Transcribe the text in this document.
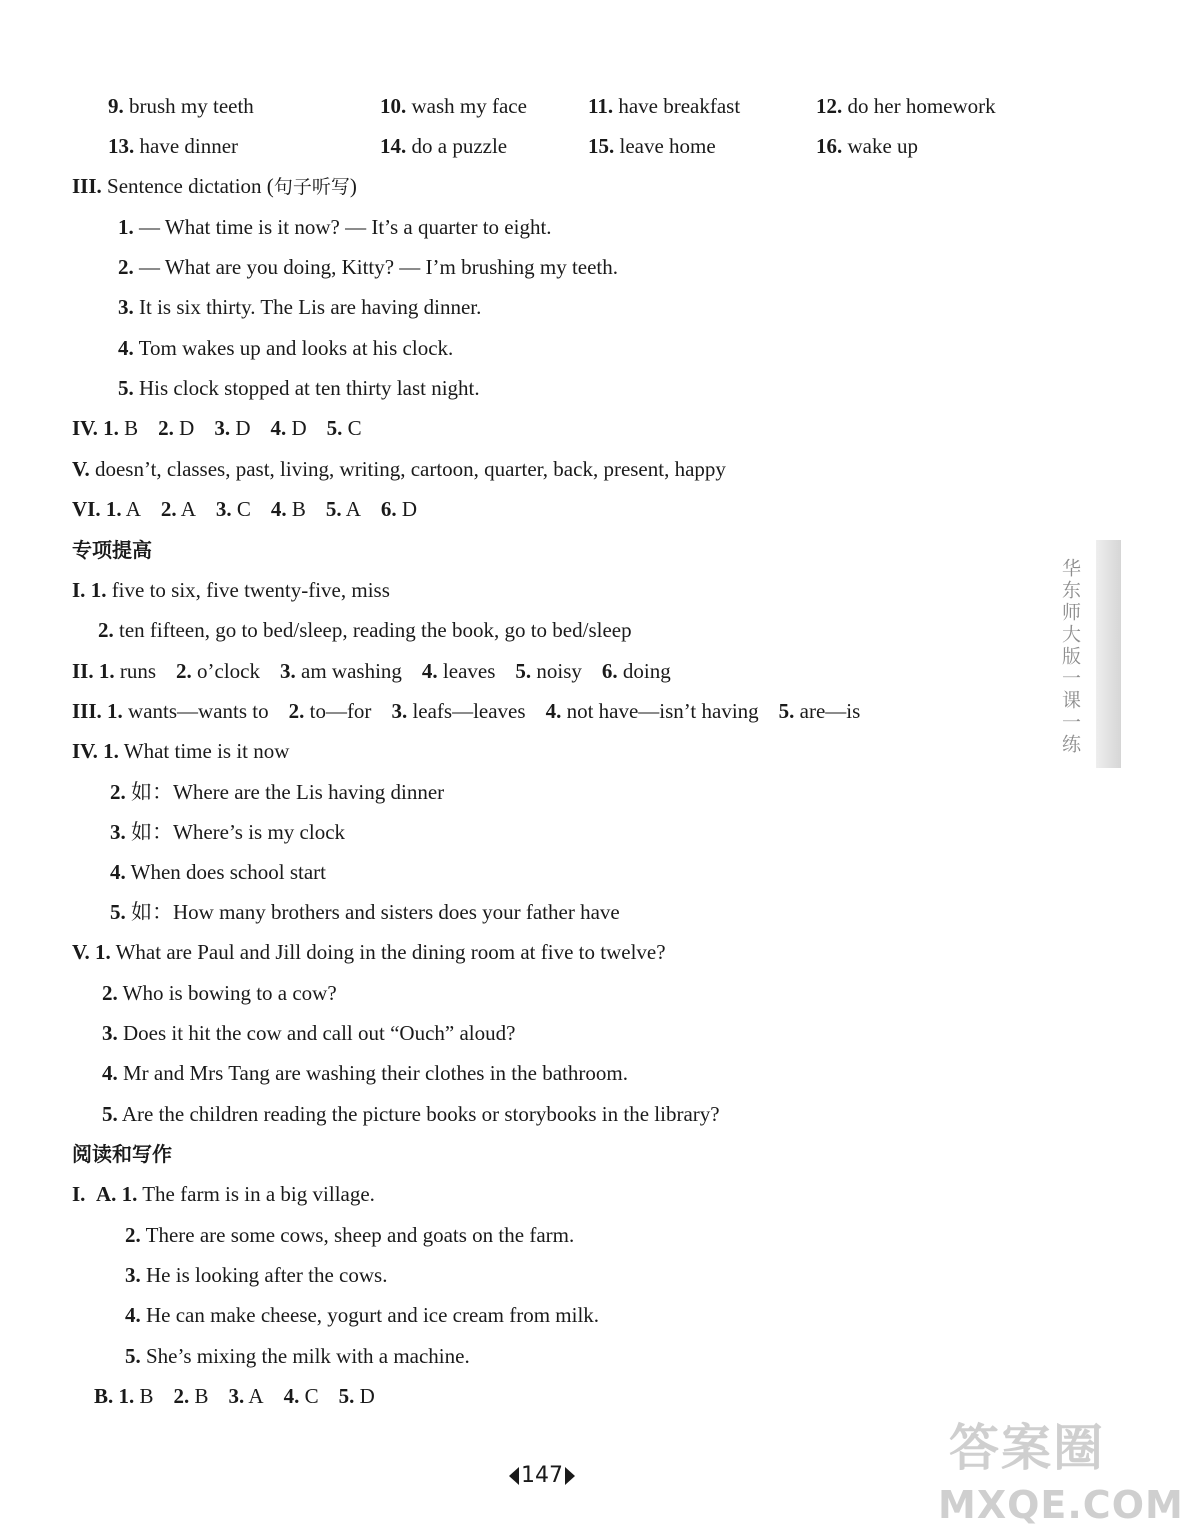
9. brush my teeth	10. wash my face	11. have breakfast	12. do her homework
13. have dinner	14. do a puzzle	15. leave home	16. wake up
III. Sentence dictation (句子听写)
1. — What time is it now? — It’s a quarter to eight.
2. — What are you doing, Kitty? — I’m brushing my teeth.
3. It is six thirty. The Lis are having dinner.
4. Tom wakes up and looks at his clock.
5. His clock stopped at ten thirty last night.
IV. 1. B 2. D 3. D 4. D 5. C
V. doesn’t, classes, past, living, writing, cartoon, quarter, back, present, happy
VI. 1. A 2. A 3. C 4. B 5. A 6. D
专项提高
I. 1. five to six, five twenty-five, miss
2. ten fifteen, go to bed/sleep, reading the book, go to bed/sleep
II. 1. runs 2. o’clock 3. am washing 4. leaves 5. noisy 6. doing
III. 1. wants—wants to 2. to—for 3. leafs—leaves 4. not have—isn’t having 5. are—is
IV. 1. What time is it now
2. 如：Where are the Lis having dinner
3. 如：Where’s is my clock
4. When does school start
5. 如：How many brothers and sisters does your father have
V. 1. What are Paul and Jill doing in the dining room at five to twelve?
2. Who is bowing to a cow?
3. Does it hit the cow and call out “Ouch” aloud?
4. Mr and Mrs Tang are washing their clothes in the bathroom.
5. Are the children reading the picture books or storybooks in the library?
阅读和写作
I. A. 1. The farm is in a big village.
2. There are some cows, sheep and goats on the farm.
3. He is looking after the cows.
4. He can make cheese, yogurt and ice cream from milk.
5. She’s mixing the milk with a machine.
B. 1. B 2. B 3. A 4. C 5. D
华东师大版一课一练
147	答案圈
MXQE.COM
